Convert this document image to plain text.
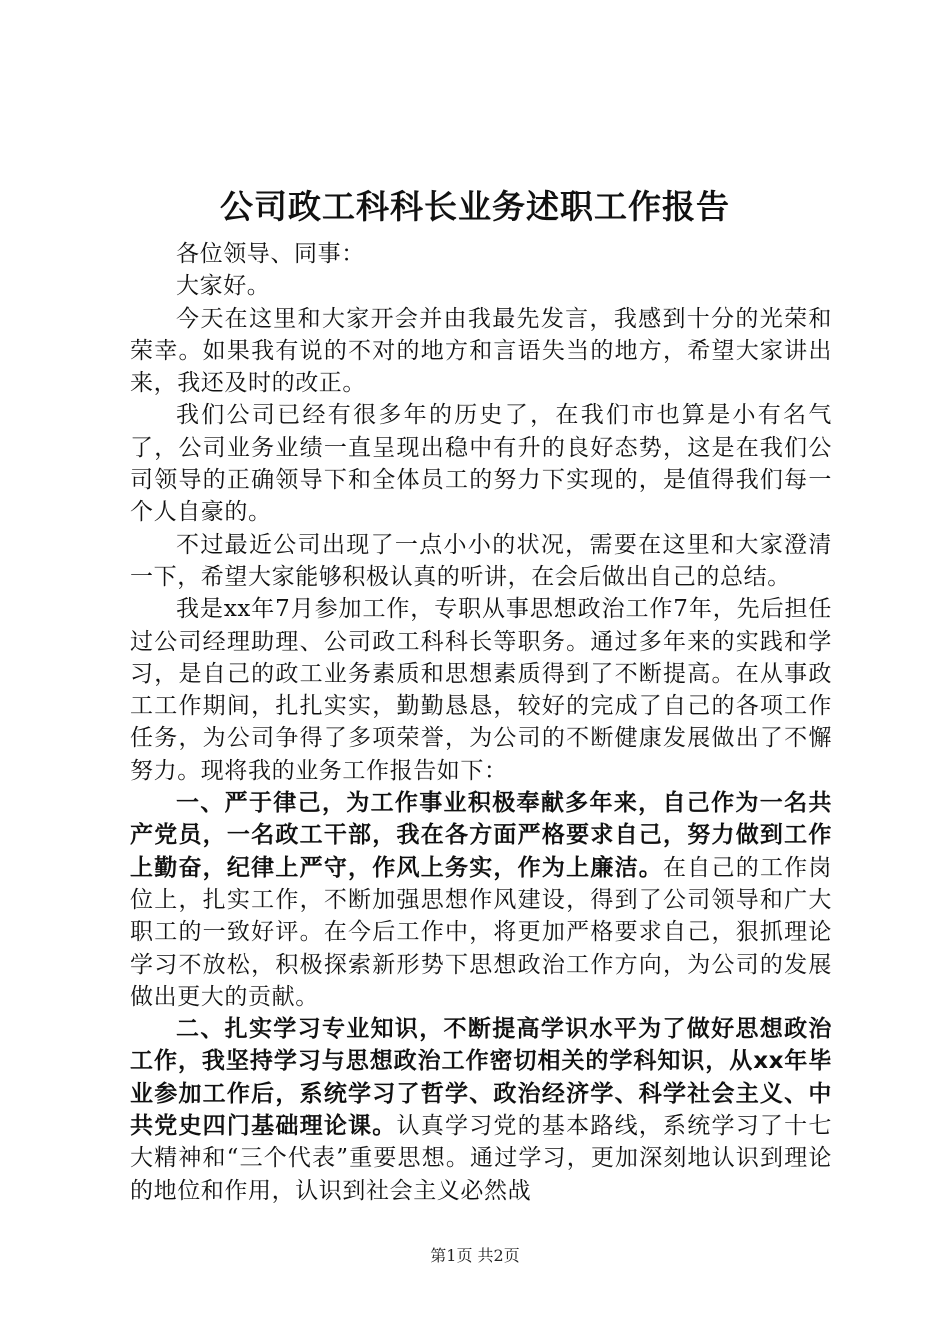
公司政工科科长业务述职工作报告

各位领导、同事：

大家好。

今天在这里和大家开会并由我最先发言，我感到十分的光荣和荣幸。如果我有说的不对的地方和言语失当的地方，希望大家讲出来，我还及时的改正。

我们公司已经有很多年的历史了，在我们市也算是小有名气了，公司业务业绩一直呈现出稳中有升的良好态势，这是在我们公司领导的正确领导下和全体员工的努力下实现的，是值得我们每一个人自豪的。

不过最近公司出现了一点小小的状况，需要在这里和大家澄清一下，希望大家能够积极认真的听讲，在会后做出自己的总结。

我是xx年7月参加工作，专职从事思想政治工作7年，先后担任过公司经理助理、公司政工科科长等职务。通过多年来的实践和学习，是自己的政工业务素质和思想素质得到了不断提高。在从事政工工作期间，扎扎实实，勤勤恳恳，较好的完成了自己的各项工作任务，为公司争得了多项荣誉，为公司的不断健康发展做出了不懈努力。现将我的业务工作报告如下：

一、严于律己，为工作事业积极奉献多年来，自己作为一名共产党员，一名政工干部，我在各方面严格要求自己，努力做到工作上勤奋，纪律上严守，作风上务实，作为上廉洁。在自己的工作岗位上，扎实工作，不断加强思想作风建设，得到了公司领导和广大职工的一致好评。在今后工作中，将更加严格要求自己，狠抓理论学习不放松，积极探索新形势下思想政治工作方向，为公司的发展做出更大的贡献。

二、扎实学习专业知识，不断提高学识水平为了做好思想政治工作，我坚持学习与思想政治工作密切相关的学科知识，从xx年毕业参加工作后，系统学习了哲学、政治经济学、科学社会主义、中共党史四门基础理论课。认真学习党的基本路线，系统学习了十七大精神和“三个代表”重要思想。通过学习，更加深刻地认识到理论的地位和作用，认识到社会主义必然战

第1页 共2页
